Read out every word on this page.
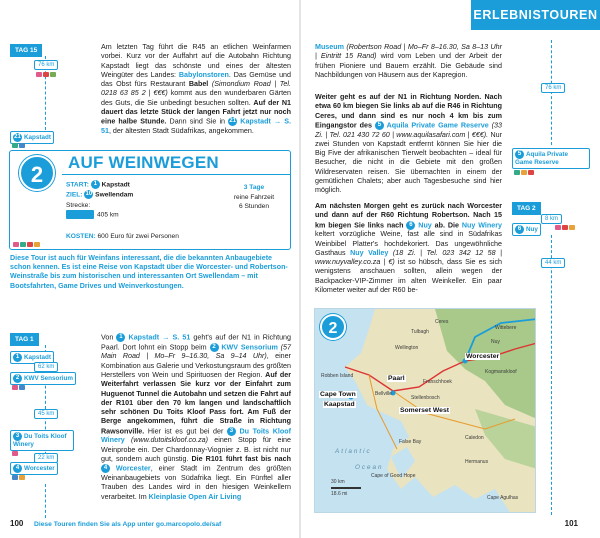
TAG 15
76 km
21 Kapstadt
Am letzten Tag führt die R45 an etlichen Weinfarmen vorbei. Kurz vor der Auffahrt auf die Autobahn Richtung Kapstadt liegt das schönste und eines der ältesten Weingüter des Landes: Babylonstoren. Das Gemüse und das Obst fürs Restaurant Babel (Simondium Road | Tel. 0218 63 85 2 | €€€) kommt aus den wunderbaren Gärten des Guts, die Sie unbedingt besuchen sollten. Auf der N1 dauert das letzte Stück der langen Fahrt jetzt nur noch eine halbe Stunde. Dann sind Sie in 21 Kapstadt → S. 51, der ältesten Stadt Südafrikas, angekommen.
2	AUF WEINWEGEN
START: 1 Kapstadt
ZIEL: 10 Swellendam
Strecke:
405 km
3 Tage
reine Fahrzeit
6 Stunden
KOSTEN: 600 Euro für zwei Personen
Diese Tour ist auch für Weinfans interessant, die die bekannten Anbaugebiete schon kennen. Es ist eine Reise von Kapstadt über die Worcester- und Robertson-Weinstraße bis zum historischen und interessanten Ort Swellendam – mit Bootsfahrten, Game Drives und Weinverkostungen.
TAG 1
1 Kapstadt
62 km
2 KWV Sensorium
45 km
3 Du Toits Kloof Winery
22 km
4 Worcester
Von 1 Kapstadt → S. 51 geht's auf der N1 in Richtung Paarl. Dort lohnt ein Stopp beim 2 KWV Sensorium (57 Main Road | Mo–Fr 9–16.30, Sa 9–14 Uhr), einer Kombination aus Galerie und Verkostungsraum des größten Herstellers von Wein und Spirituosen der Region. Auf der Weiterfahrt verlassen Sie kurz vor der Einfahrt zum Huguenot Tunnel die Autobahn und setzen die Fahrt auf der R101 über den 70 km langen und landschaftlich sehr schönen Du Toits Kloof Pass fort. Am Fuß der Berge angekommen, führt die Straße in Richtung Rawsonville. Hier ist es gut bei der 3 Du Toits Kloof Winery (www.dutoitskloof.co.za) einen Stopp für eine Weinprobe ein. Der Chardonnay-Viognier z. B. ist nicht nur gut, sondern auch günstig. Die R101 führt fast bis nach 4 Worcester, einer Stadt im Zentrum des größten Weinanbaugebiets von Südafrika liegt. Ein Fünftel aller Trauben des Landes wird in den hiesigen Weinkellern verarbeitet. Im Kleinplasie Open Air Living
100 Diese Touren finden Sie als App unter go.marcopolo.de/saf
ERLEBNISTOUREN
Museum (Robertson Road | Mo–Fr 8–16.30, Sa 8–13 Uhr | Eintritt 15 Rand) wird vom Leben und der Arbeit der frühen Pioniere und Bauern erzählt. Die Gebäude sind Nachbildungen von Häusern aus der Kapregion.
Weiter geht es auf der N1 in Richtung Norden. Nach etwa 60 km biegen Sie links ab auf die R46 in Richtung Ceres, und dann sind es nur noch 4 km bis zum Eingangstor des 5 Aquila Private Game Reserve (33 Zi. | Tel. 021 430 72 60 | www.aquilasafari.com | €€€). Nur zwei Stunden von Kapstadt entfernt können Sie hier die Big Five der afrikanischen Tierwelt beobachten – ideal für Besucher, die nicht in die Gebiete mit den großen Wildreservaten reisen. Sie übernachten in einem der gemütlichen Chalets; aber auch Tagesbesuche sind hier möglich.
Am nächsten Morgen geht es zurück nach Worcester und dann auf der R60 Richtung Robertson. Nach 15 km biegen Sie links nach 6 Nuy ab. Die Nuy Winery keltert vorzügliche Weine, fast alle sind in Südafrikas Weinbibel Platter's hochdekoriert. Das ungewöhnliche Gasthaus Nuy Valley (18 Zi. | Tel. 023 342 12 58 | www.nuyvalley.co.za | €) ist so hübsch, dass Sie es sich wenigstens anschauen sollten, allein wegen der Backpacker-VIP-Zimmer im alten Weinkeller. Ein paar Kilometer weiter auf der R60 be-
76 km
5 Aquila Private Game Reserve
TAG 2
8 km
6 Nuy
44 km
2
Wellington
Paarl
Worcester
Bellville
Cape Town
Kaapstad
Somerset West
Stellenbosch
Franschhoek
Robben Island
Atlantic
Ocean
False Bay
Cape of Good Hope
Hermanus
Ceres
Tulbagh
Nuy
Kogmanskloof
Wittebere
Caledon
Cape Agulhas
30 km
18.6 mi
101
